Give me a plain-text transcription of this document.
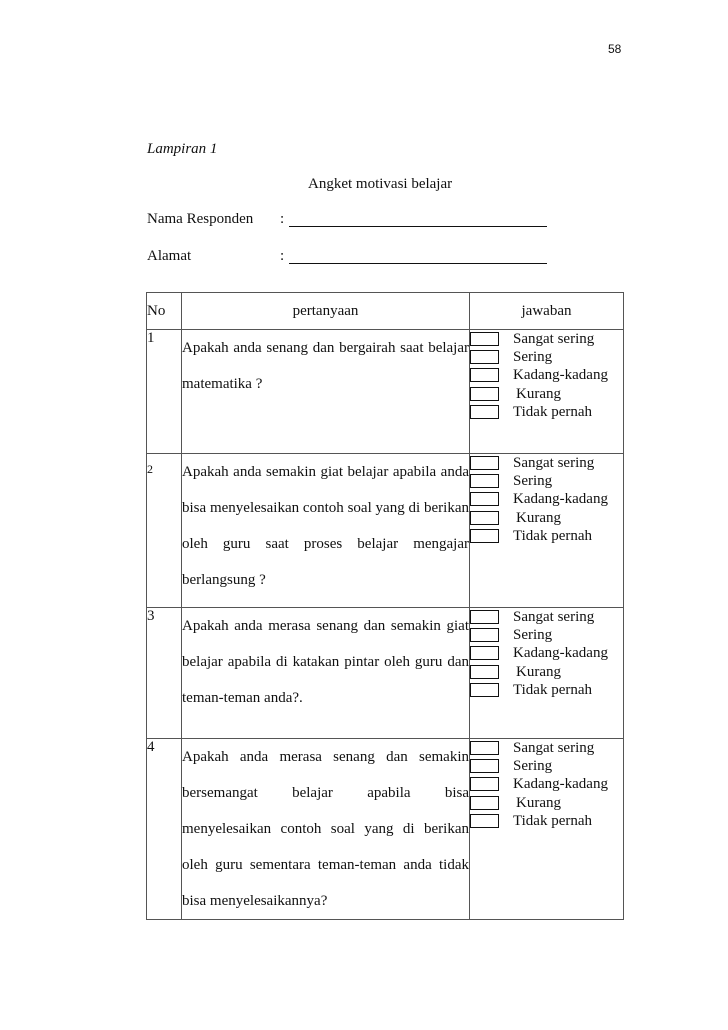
58
Lampiran 1
Angket motivasi belajar
Nama Responden :
Alamat	:
No	pertanyaan	jawaban
1	Apakah anda senang dan bergairah saat belajar matematika ?	Sangat sering
Sering
Kadang-kadang
Kurang
Tidak pernah

2	Apakah anda semakin giat belajar apabila anda bisa menyelesaikan contoh soal yang di berikan oleh guru saat proses belajar mengajar berlangsung ?	Sangat sering
Sering
Kadang-kadang
Kurang
Tidak pernah

3	Apakah anda merasa senang dan semakin giat belajar apabila di katakan pintar oleh guru dan teman-teman anda?.	Sangat sering
Sering
Kadang-kadang
Kurang
Tidak pernah

4	Apakah anda merasa senang dan semakin bersemangat belajar apabila bisa menyelesaikan contoh soal yang di berikan oleh guru sementara teman-teman anda tidak bisa menyelesaikannya?	Sangat sering
Sering
Kadang-kadang
Kurang
Tidak pernah
